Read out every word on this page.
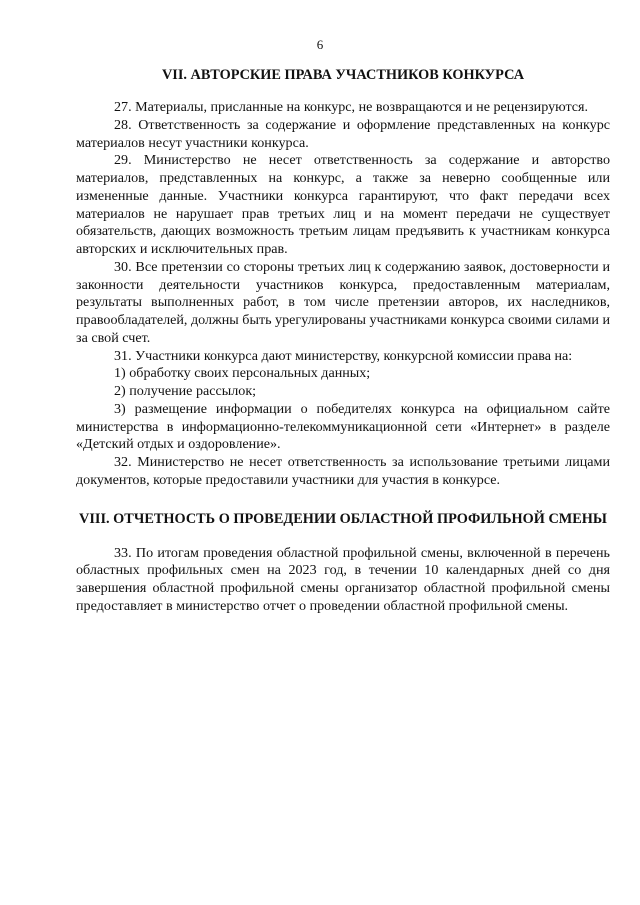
6
VII. АВТОРСКИЕ ПРАВА УЧАСТНИКОВ КОНКУРСА

27. Материалы, присланные на конкурс, не возвращаются и не рецензируются.

28. Ответственность за содержание и оформление представленных на конкурс материалов несут участники конкурса.

29. Министерство не несет ответственность за содержание и авторство материалов, представленных на конкурс, а также за неверно сообщенные или измененные данные. Участники конкурса гарантируют, что факт передачи всех материалов не нарушает прав третьих лиц и на момент передачи не существует обязательств, дающих возможность третьим лицам предъявить к участникам конкурса авторских и исключительных прав.

30. Все претензии со стороны третьих лиц к содержанию заявок, достоверности и законности деятельности участников конкурса, предоставленным материалам, результаты выполненных работ, в том числе претензии авторов, их наследников, правообладателей, должны быть урегулированы участниками конкурса своими силами и за свой счет.

31. Участники конкурса дают министерству, конкурсной комиссии права на:

1) обработку своих персональных данных;

2) получение рассылок;

3) размещение информации о победителях конкурса на официальном сайте министерства в информационно-телекоммуникационной сети «Интернет» в разделе «Детский отдых и оздоровление».

32. Министерство не несет ответственность за использование третьими лицами документов, которые предоставили участники для участия в конкурсе.

VIII. ОТЧЕТНОСТЬ О ПРОВЕДЕНИИ ОБЛАСТНОЙ ПРОФИЛЬНОЙ СМЕНЫ

33. По итогам проведения областной профильной смены, включенной в перечень областных профильных смен на 2023 год, в течении 10 календарных дней со дня завершения областной профильной смены организатор областной профильной смены предоставляет в министерство отчет о проведении областной профильной смены.
